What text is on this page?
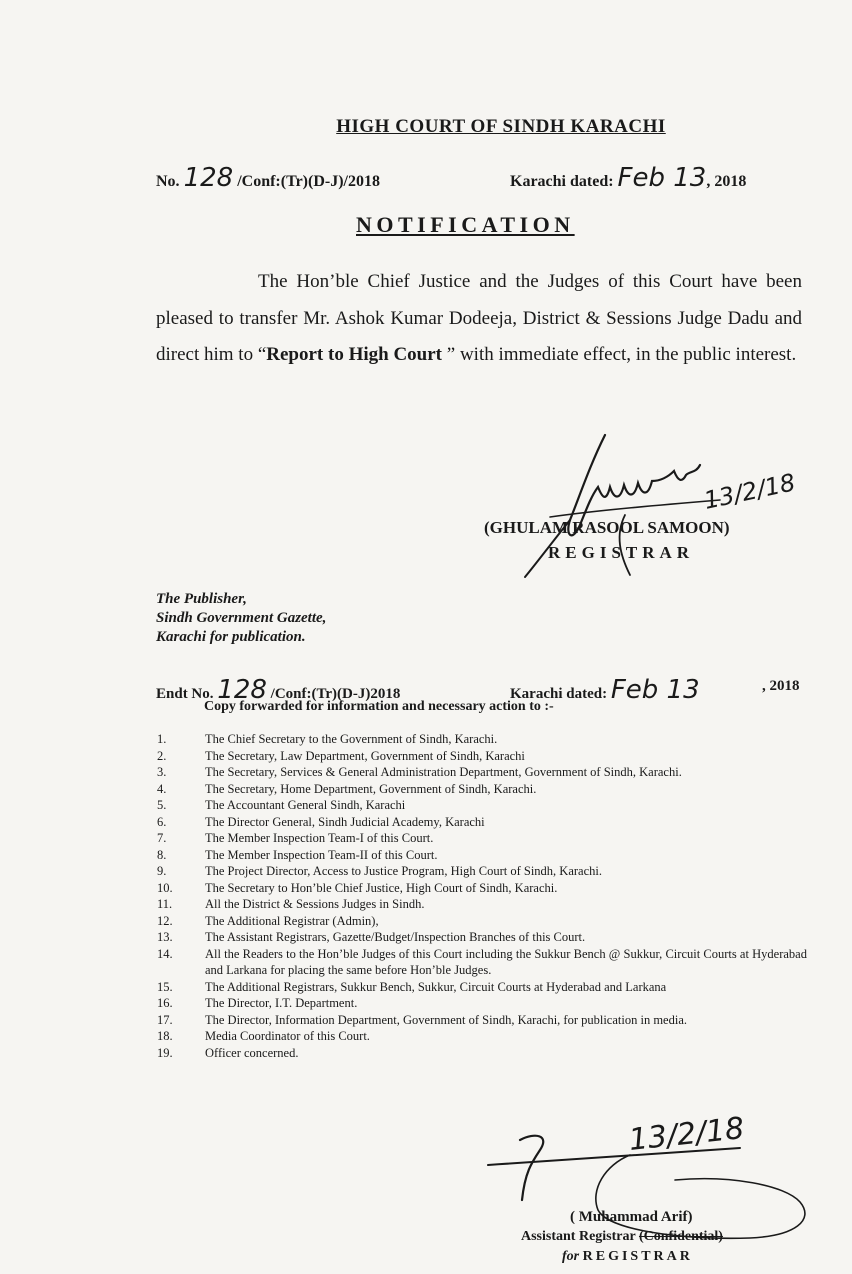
HIGH COURT OF SINDH KARACHI
No. 128 /Conf:(Tr)(D-J)/2018	Karachi dated: Feb 13, 2018
NOTIFICATION
The Hon’ble Chief Justice and the Judges of this Court have been pleased to transfer Mr. Ashok Kumar Dodeeja, District & Sessions Judge Dadu and direct him to “Report to High Court ” with immediate effect, in the public interest.
13/2/18
(GHULAM RASOOL SAMOON)
REGISTRAR
The Publisher,
Sindh Government Gazette,
Karachi for publication.
Endt No. 128 /Conf:(Tr)(D-J)2018	Karachi dated: Feb 13	, 2018
Copy forwarded for information and necessary action to :-
1.	The Chief Secretary to the Government of Sindh, Karachi.
2.	The Secretary, Law Department, Government of Sindh, Karachi
3.	The Secretary, Services & General Administration Department, Government of Sindh, Karachi.
4.	The Secretary, Home Department, Government of Sindh, Karachi.
5.	The Accountant General Sindh, Karachi
6.	The Director General, Sindh Judicial Academy, Karachi
7.	The Member Inspection Team-I of this Court.
8.	The Member Inspection Team-II of this Court.
9.	The Project Director, Access to Justice Program, High Court of Sindh, Karachi.
10.	The Secretary to Hon’ble Chief Justice, High Court of Sindh, Karachi.
11.	All the District & Sessions Judges in Sindh.
12.	The Additional Registrar (Admin),
13.	The Assistant Registrars, Gazette/Budget/Inspection Branches of this Court.
14.	All the Readers to the Hon’ble Judges of this Court including the Sukkur Bench @ Sukkur, Circuit Courts at Hyderabad and Larkana for placing the same before Hon’ble Judges.
15.	The Additional Registrars, Sukkur Bench, Sukkur, Circuit Courts at Hyderabad and Larkana
16.	The Director, I.T. Department.
17.	The Director, Information Department, Government of Sindh, Karachi, for publication in media.
18.	Media Coordinator of this Court.
19.	Officer concerned.
13/2/18
( Muhammad Arif)
Assistant Registrar (Confidential)
for REGISTRAR
